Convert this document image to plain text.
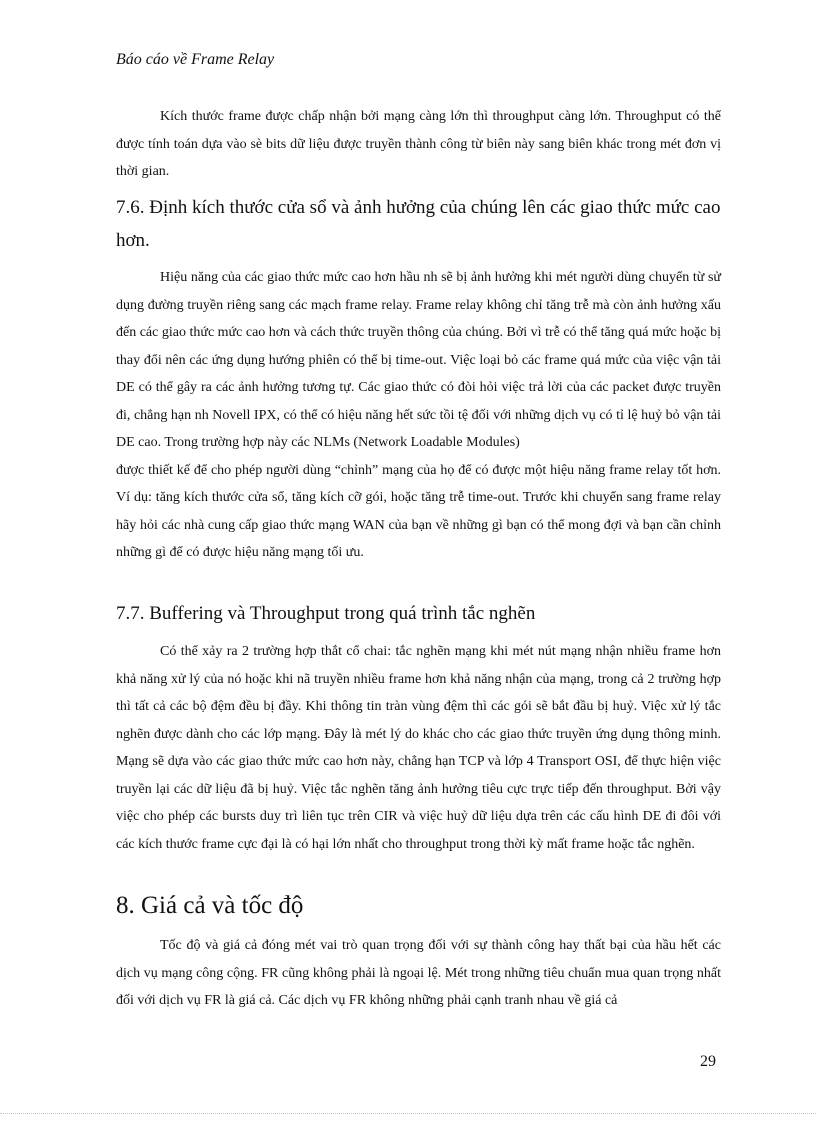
Báo cáo về Frame Relay

Kích thước frame được chấp nhận bởi mạng càng lớn thì throughput càng lớn. Throughput có thể được tính toán dựa vào sè bits dữ liệu được truyền thành công từ biên này sang biên khác trong mét đơn vị thời gian.

7.6. Định kích thước cửa sổ và ảnh hưởng của chúng lên các giao thức mức cao hơn.

Hiệu năng của các giao thức mức cao hơn hầu nh sẽ bị ảnh hưởng khi mét người dùng chuyển từ sử dụng đường truyền riêng sang các mạch frame relay. Frame relay không chỉ tăng trễ mà còn ảnh hưởng xấu đến các giao thức mức cao hơn và cách thức truyền thông của chúng. Bởi vì trễ có thể tăng quá mức hoặc bị thay đổi nên các ứng dụng hướng phiên có thể bị time-out. Việc loại bỏ các frame quá mức của việc vận tải DE có thể gây ra các ảnh hưởng tương tự. Các giao thức có đòi hỏi việc trả lời của các packet được truyền đi, chẳng hạn nh Novell IPX, có thể có hiệu năng hết sức tồi tệ đối với những dịch vụ có tỉ lệ huỷ bỏ vận tải DE cao. Trong trường hợp này các NLMs (Network Loadable Modules)

được thiết kế để cho phép người dùng “chỉnh” mạng của họ để có được một hiệu năng frame relay tốt hơn. Ví dụ: tăng kích thước cửa sổ, tăng kích cỡ gói, hoặc tăng trễ time-out. Trước khi chuyển sang frame relay hãy hỏi các nhà cung cấp giao thức mạng WAN của bạn về những gì bạn có thể mong đợi và bạn cần chỉnh những gì để có được hiệu năng mạng tối ưu.

7.7. Buffering và Throughput trong quá trình tắc nghẽn

Có thể xảy ra 2 trường hợp thắt cổ chai: tắc nghẽn mạng khi mét nút mạng nhận nhiều frame hơn khả năng xử lý của nó hoặc khi nã truyền nhiều frame hơn khả năng nhận của mạng, trong cả 2 trường hợp thì tất cả các bộ đệm đều bị đầy. Khi thông tin tràn vùng đệm thì các gói sẽ bắt đầu bị huỷ. Việc xử lý tắc nghẽn được dành cho các lớp mạng. Đây là mét lý do khác cho các giao thức truyền ứng dụng thông minh. Mạng sẽ dựa vào các giao thức mức cao hơn này, chẳng hạn TCP và lớp 4 Transport OSI, để thực hiện việc truyền lại các dữ liệu đã bị huỷ. Việc tắc nghẽn tăng ảnh hưởng tiêu cực trực tiếp đến throughput. Bởi vậy việc cho phép các bursts duy trì liên tục trên CIR và việc huỷ dữ liệu dựa trên các cấu hình DE đi đôi với các kích thước frame cực đại là có hại lớn nhất cho throughput trong thời kỳ mất frame hoặc tắc nghẽn.

8. Giá cả và tốc độ

Tốc độ và giá cả đóng mét vai trò quan trọng đối với sự thành công hay thất bại của hầu hết các dịch vụ mạng công cộng. FR cũng không phải là ngoại lệ. Mét trong những tiêu chuẩn mua quan trọng nhất đối với dịch vụ FR là giá cả. Các dịch vụ FR không những phải cạnh tranh nhau về giá cả

29
